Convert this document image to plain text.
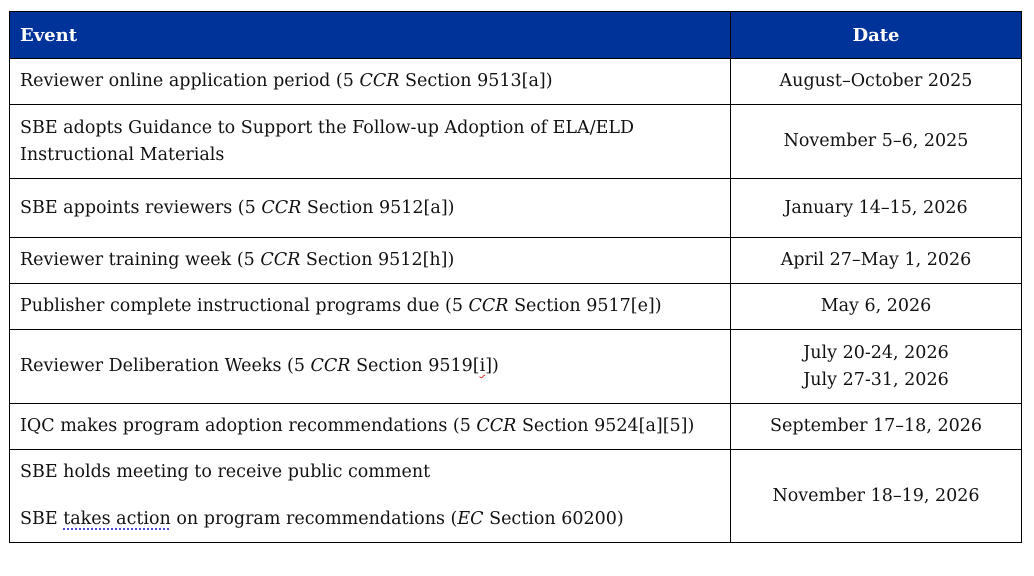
Event	Date
Reviewer online application period (5 CCR Section 9513[a])	August–October 2025
SBE adopts Guidance to Support the Follow-up Adoption of ELA/ELD Instructional Materials	November 5–6, 2025
SBE appoints reviewers (5 CCR Section 9512[a])	January 14–15, 2026
Reviewer training week (5 CCR Section 9512[h])	April 27–May 1, 2026
Publisher complete instructional programs due (5 CCR Section 9517[e])	May 6, 2026
Reviewer Deliberation Weeks (5 CCR Section 9519[i])	July 20-24, 2026
July 27-31, 2026

IQC makes program adoption recommendations (5 CCR Section 9524[a][5])	September 17–18, 2026

SBE holds meeting to receive public comment
SBE takes action on program recommendations (EC Section 60200)	November 18–19, 2026
